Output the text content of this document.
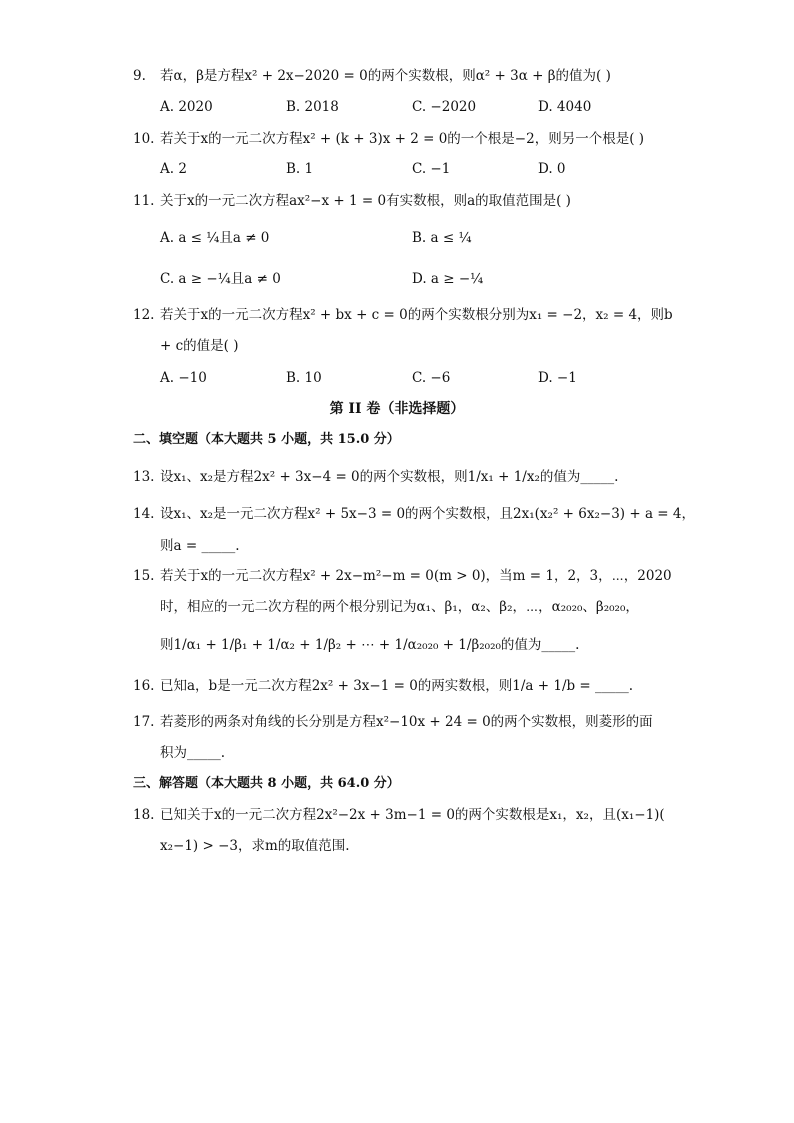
9. 若α，β是方程x² + 2x−2020 = 0的两个实数根，则α² + 3α + β的值为( )
A. 2020	B. 2018	C. −2020	D. 4040
10. 若关于x的一元二次方程x² + (k + 3)x + 2 = 0的一个根是−2，则另一个根是( )
A. 2	B. 1	C. −1	D. 0
11. 关于x的一元二次方程ax²−x + 1 = 0有实数根，则a的取值范围是( )
A. a ≤ ¼且a ≠ 0	B. a ≤ ¼
C. a ≥ −¼且a ≠ 0	D. a ≥ −¼
12. 若关于x的一元二次方程x² + bx + c = 0的两个实数根分别为x₁ = −2，x₂ = 4，则b
+ c的值是( )
A. −10	B. 10	C. −6	D. −1
第 II 卷（非选择题）
二、填空题（本大题共 5 小题，共 15.0 分）
13. 设x₁、x₂是方程2x² + 3x−4 = 0的两个实数根，则1/x₁ + 1/x₂的值为_____.
14. 设x₁、x₂是一元二次方程x² + 5x−3 = 0的两个实数根，且2x₁(x₂² + 6x₂−3) + a = 4，
则a = _____.
15. 若关于x的一元二次方程x² + 2x−m²−m = 0(m > 0)，当m = 1，2，3，⋯，2020
时，相应的一元二次方程的两个根分别记为α₁、β₁，α₂、β₂，⋯，α₂₀₂₀、β₂₀₂₀，
则1/α₁ + 1/β₁ + 1/α₂ + 1/β₂ + ⋯ + 1/α₂₀₂₀ + 1/β₂₀₂₀的值为_____.
16. 已知a，b是一元二次方程2x² + 3x−1 = 0的两实数根，则1/a + 1/b = _____.
17. 若菱形的两条对角线的长分别是方程x²−10x + 24 = 0的两个实数根，则菱形的面
积为_____.
三、解答题（本大题共 8 小题，共 64.0 分）
18. 已知关于x的一元二次方程2x²−2x + 3m−1 = 0的两个实数根是x₁，x₂，且(x₁−1)(
x₂−1) > −3，求m的取值范围.
